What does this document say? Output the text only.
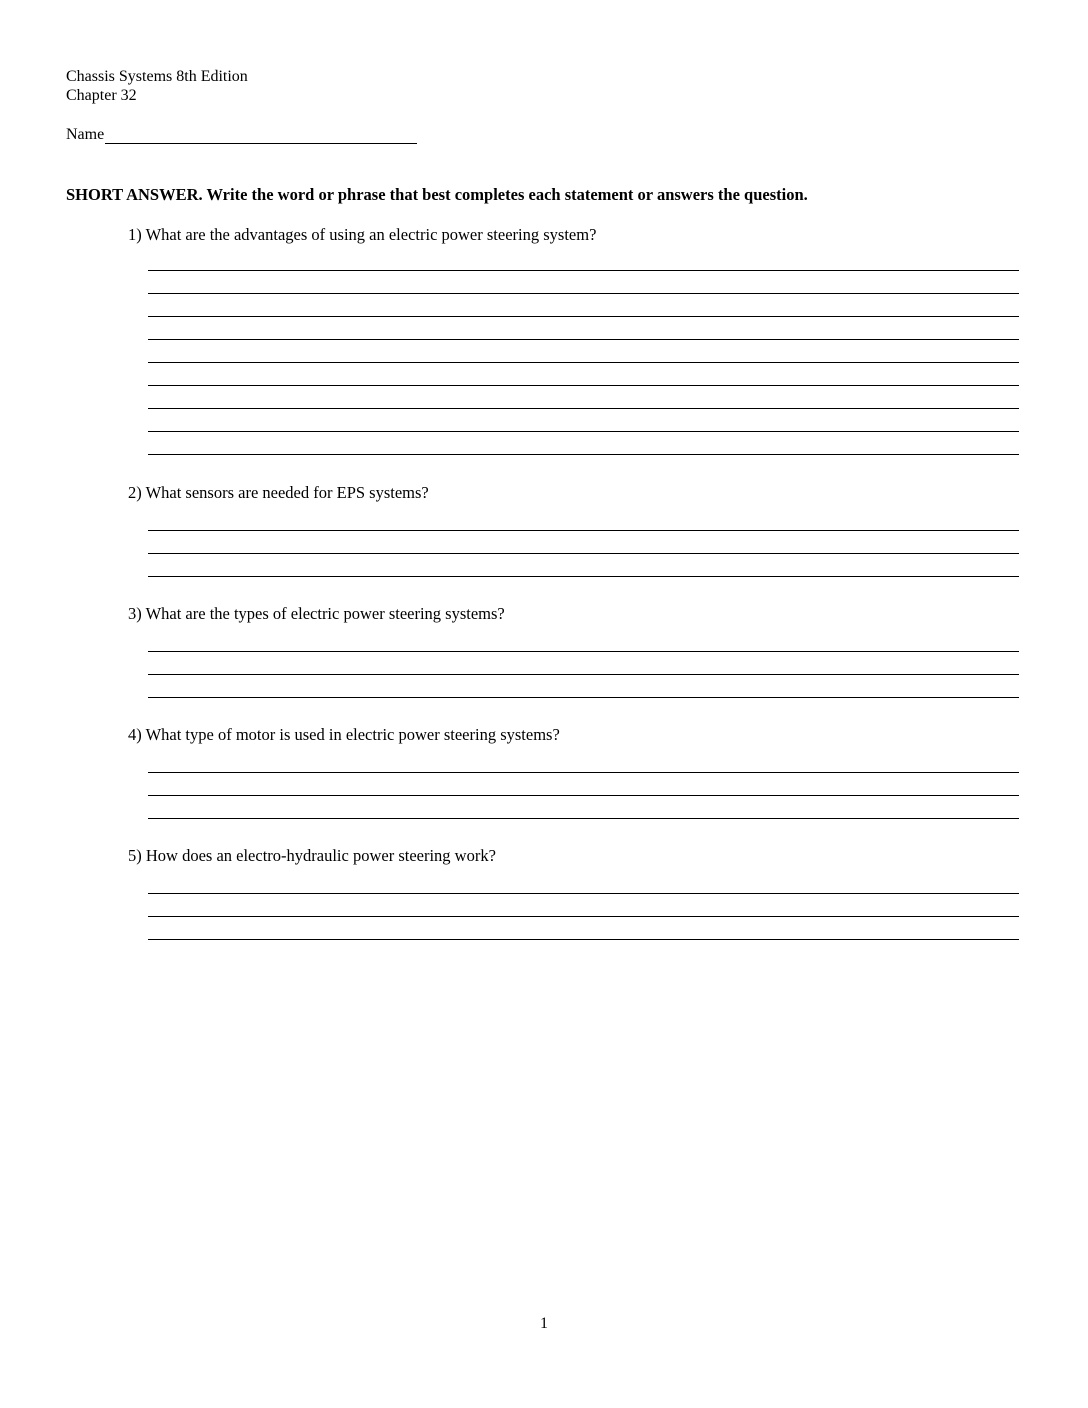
Chassis Systems 8th Edition
Chapter 32
Name
SHORT ANSWER. Write the word or phrase that best completes each statement or answers the question.
1) What are the advantages of using an electric power steering system?
2) What sensors are needed for EPS systems?
3) What are the types of electric power steering systems?
4) What type of motor is used in electric power steering systems?
5) How does an electro-hydraulic power steering work?
1
